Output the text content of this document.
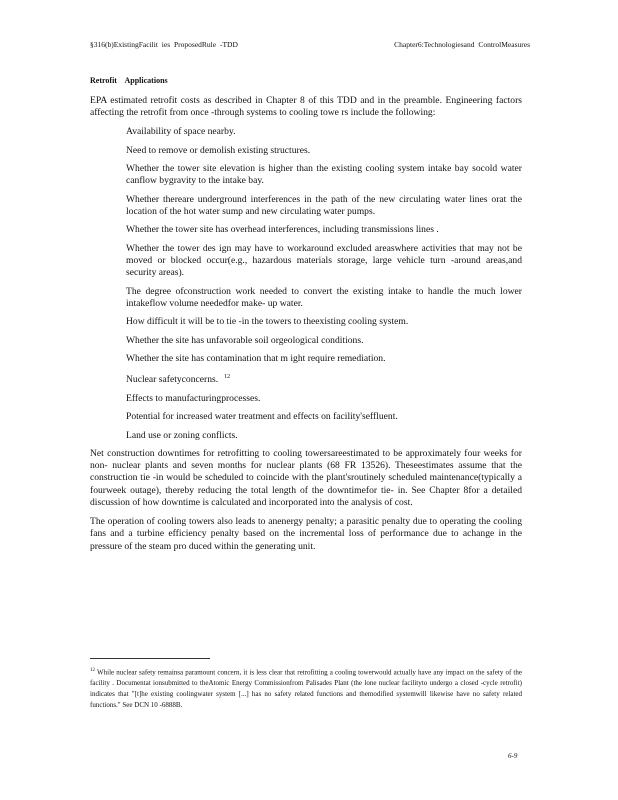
§316(b)ExistingFacilit ies ProposedRule -TDD	Chapter6:Technologiesand ControlMeasures
Retrofit Applications

EPA estimated retrofit costs as described in Chapter 8 of this TDD and in the preamble. Engineering factors affecting the retrofit from once -through systems to cooling towe rs include the following:

Availability of space nearby.
Need to remove or demolish existing structures.
Whether the tower site elevation is higher than the existing cooling system intake bay socold water canflow bygravity to the intake bay.
Whether thereare underground interferences in the path of the new circulating water lines orat the location of the hot water sump and new circulating water pumps.
Whether the tower site has overhead interferences, including transmissions lines .
Whether the tower des ign may have to workaround excluded areaswhere activities that may not be moved or blocked occur(e.g., hazardous materials storage, large vehicle turn -around areas,and security areas).
The degree ofconstruction work needed to convert the existing intake to handle the much lower intakeflow volume neededfor make- up water.
How difficult it will be to tie -in the towers to theexisting cooling system.
Whether the site has unfavorable soil orgeological conditions.
Whether the site has contamination that m ight require remediation.
Nuclear safetyconcerns. $^{12}$
Effects to manufacturingprocesses.
Potential for increased water treatment and effects on facility'seffluent.
Land use or zoning conflicts.

Net construction downtimes for retrofitting to cooling towersareestimated to be approximately four weeks for non- nuclear plants and seven months for nuclear plants (68 FR 13526). Theseestimates assume that the construction tie -in would be scheduled to coincide with the plant'sroutinely scheduled maintenance(typically a fourweek outage), thereby reducing the total length of the downtimefor tie- in. See Chapter 8for a detailed discussion of how downtime is calculated and incorporated into the analysis of cost.

The operation of cooling towers also leads to anenergy penalty; a parasitic penalty due to operating the cooling fans and a turbine efficiency penalty based on the incremental loss of performance due to achange in the pressure of the steam pro duced within the generating unit.

$^{12}$ While nuclear safety remainsa paramount concern, it is less clear that retrofitting a cooling towerwould actually have any impact on the safety of the facility . Documentat ionsubmitted to theAtomic Energy Commissionfrom Palisades Plant (the lone nuclear facilityto undergo a closed -cycle retrofit) indicates that "[t]he existing coolingwater system [...] has no safety related functions and themodified systemwill likewise have no safety related functions." See DCN 10 -6888B.
6-9
